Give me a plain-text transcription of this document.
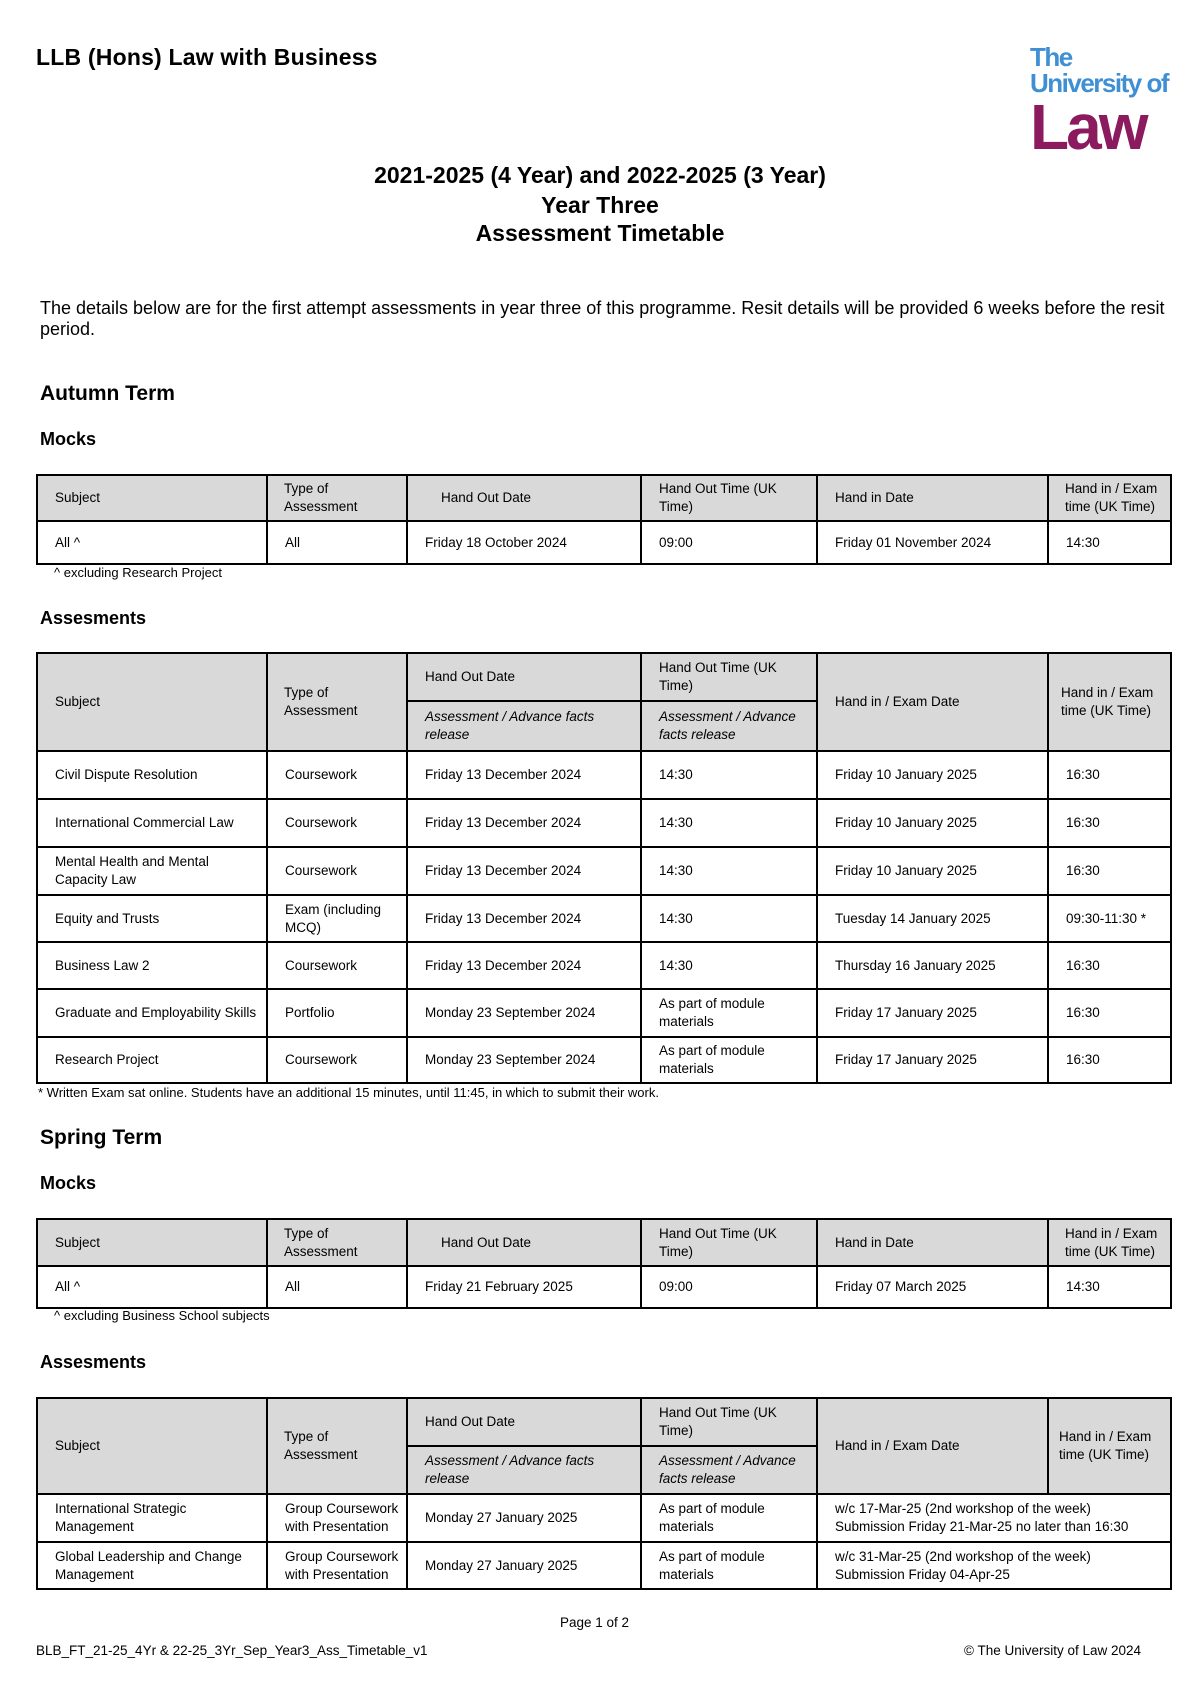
LLB (Hons) Law with Business	The
University of
Law
2021-2025 (4 Year) and 2022-2025 (3 Year)
Year Three
Assessment Timetable
The details below are for the first attempt assessments in year three of this programme. Resit details will be provided 6 weeks before the resit period.
Autumn Term
Mocks
Subject	Type of Assessment	Hand Out Date	Hand Out Time (UK Time)	Hand in Date	Hand in / Exam time (UK Time)
All ^	All	Friday 18 October 2024	09:00	Friday 01 November 2024	14:30
^ excluding Research Project
Assesments
Subject	Type of Assessment	Hand Out Date	Hand Out Time (UK Time)	Hand in / Exam Date	Hand in / Exam time (UK Time)
		Assessment / Advance facts release	Assessment / Advance facts release		
Civil Dispute Resolution	Coursework	Friday 13 December 2024	14:30	Friday 10 January 2025	16:30
International Commercial Law	Coursework	Friday 13 December 2024	14:30	Friday 10 January 2025	16:30
Mental Health and Mental Capacity Law	Coursework	Friday 13 December 2024	14:30	Friday 10 January 2025	16:30
Equity and Trusts	Exam (including MCQ)	Friday 13 December 2024	14:30	Tuesday 14 January 2025	09:30-11:30 *
Business Law 2	Coursework	Friday 13 December 2024	14:30	Thursday 16 January 2025	16:30
Graduate and Employability Skills	Portfolio	Monday 23 September 2024	As part of module materials	Friday 17 January 2025	16:30
Research Project	Coursework	Monday 23 September 2024	As part of module materials	Friday 17 January 2025	16:30
* Written Exam sat online. Students have an additional 15 minutes, until 11:45, in which to submit their work.
Spring Term
Mocks
Subject	Type of Assessment	Hand Out Date	Hand Out Time (UK Time)	Hand in Date	Hand in / Exam time (UK Time)
All ^	All	Friday 21 February 2025	09:00	Friday 07 March 2025	14:30
^ excluding Business School subjects
Assesments
Subject	Type of Assessment	Hand Out Date	Hand Out Time (UK Time)	Hand in / Exam Date	Hand in / Exam time (UK Time)
		Assessment / Advance facts release	Assessment / Advance facts release		
International Strategic Management	Group Coursework with Presentation	Monday 27 January 2025	As part of module materials	w/c 17-Mar-25 (2nd workshop of the week)
Submission Friday 21-Mar-25 no later than 16:30	

Global Leadership and Change Management	Group Coursework with Presentation	Monday 27 January 2025	As part of module materials	w/c 31-Mar-25 (2nd workshop of the week)
Submission Friday 04-Apr-25	
Page 1 of 2
BLB_FT_21-25_4Yr & 22-25_3Yr_Sep_Year3_Ass_Timetable_v1	© The University of Law 2024
